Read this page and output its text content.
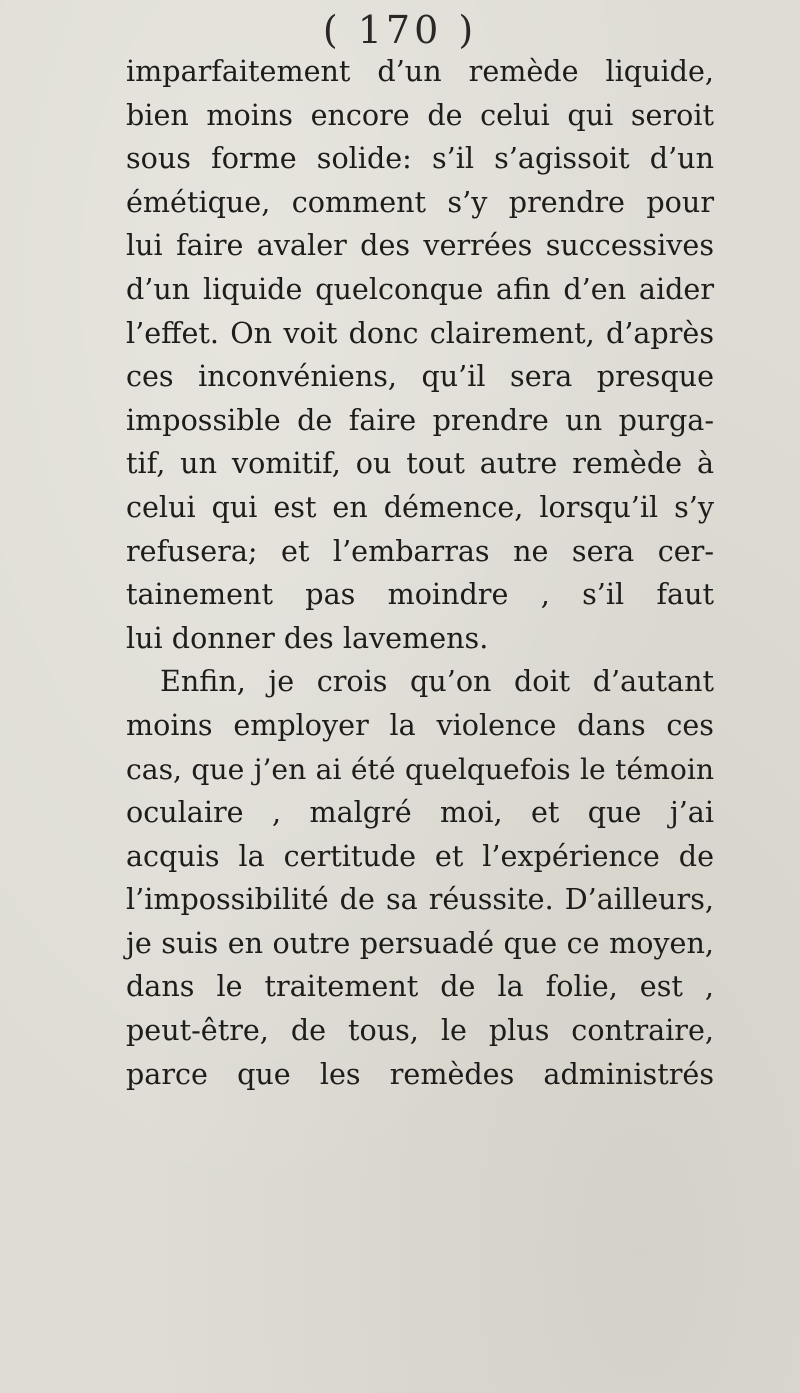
( 170 )
imparfaitement d’un remède liquide,
bien moins encore de celui qui seroit
sous forme solide: s’il s’agissoit d’un
émétique, comment s’y prendre pour
lui faire avaler des verrées successives
d’un liquide quelconque afin d’en aider
l’effet. On voit donc clairement, d’après
ces inconvéniens, qu’il sera presque
impossible de faire prendre un purga-
tif, un vomitif, ou tout autre remède à
celui qui est en démence, lorsqu’il s’y
refusera; et l’embarras ne sera cer-
tainement pas moindre , s’il faut
lui donner des lavemens.
Enfin, je crois qu’on doit d’autant
moins employer la violence dans ces
cas, que j’en ai été quelquefois le témoin
oculaire , malgré moi, et que j’ai
acquis la certitude et l’expérience de
l’impossibilité de sa réussite. D’ailleurs,
je suis en outre persuadé que ce moyen,
dans le traitement de la folie, est ,
peut-être, de tous, le plus contraire,
parce que les remèdes administrés
